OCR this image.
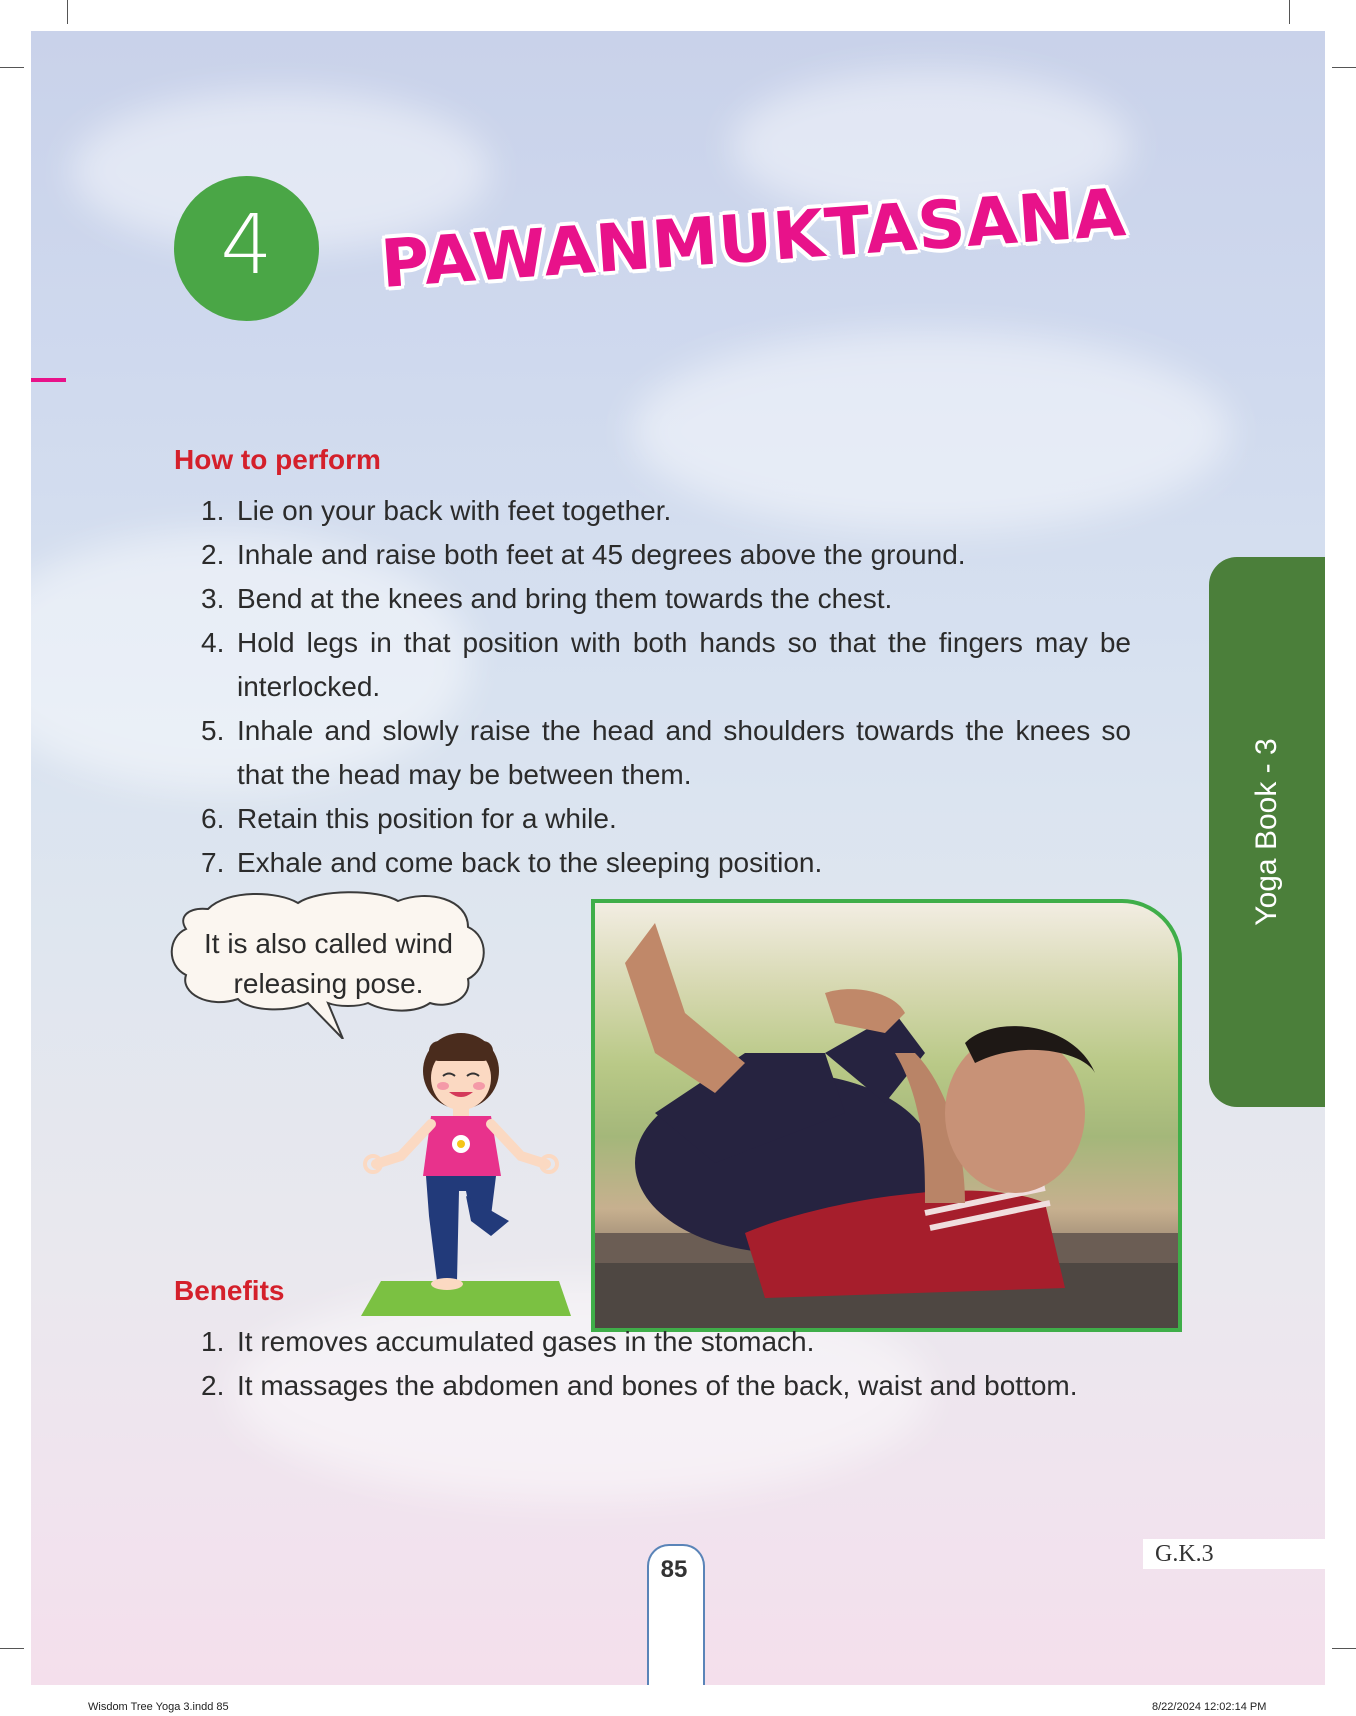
4	PAWANMUKTASANA
How to perform
1. Lie on your back with feet together.
2. Inhale and raise both feet at 45 degrees above the ground.
3. Bend at the knees and bring them towards the chest.
4. Hold legs in that position with both hands so that the fingers may be interlocked.
5. Inhale and slowly raise the head and shoulders towards the knees so that the head may be between them.
6. Retain this position for a while.
7. Exhale and come back to the sleeping position.	Yoga Book - 3
It is also called wind
releasing pose.
Benefits
1. It removes accumulated gases in the stomach.
2. It massages the abdomen and bones of the back, waist and bottom.
85
G.K.3
Wisdom Tree Yoga 3.indd 85	8/22/2024 12:02:14 PM
